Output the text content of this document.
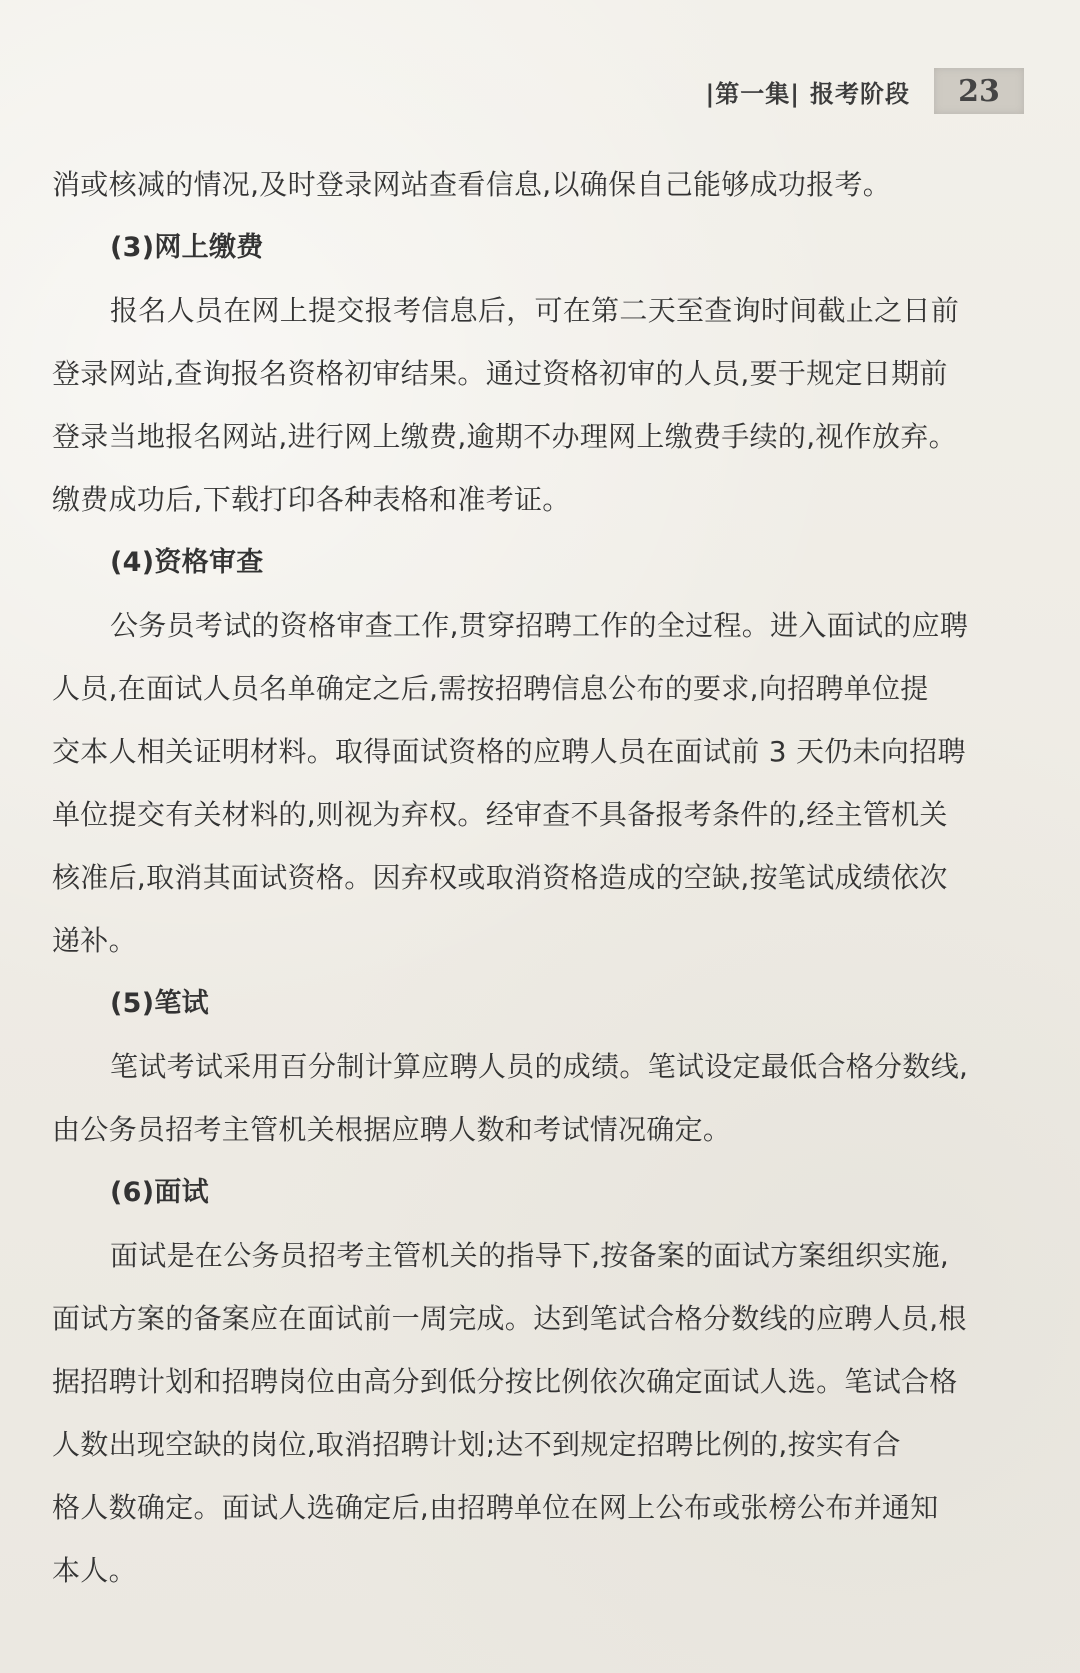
|第一集| 报考阶段	23
消或核减的情况,及时登录网站查看信息,以确保自己能够成功报考。
(3)网上缴费
报名人员在网上提交报考信息后，可在第二天至查询时间截止之日前
登录网站,查询报名资格初审结果。通过资格初审的人员,要于规定日期前
登录当地报名网站,进行网上缴费,逾期不办理网上缴费手续的,视作放弃。
缴费成功后,下载打印各种表格和准考证。
(4)资格审查
公务员考试的资格审查工作,贯穿招聘工作的全过程。进入面试的应聘
人员,在面试人员名单确定之后,需按招聘信息公布的要求,向招聘单位提
交本人相关证明材料。取得面试资格的应聘人员在面试前 3 天仍未向招聘
单位提交有关材料的,则视为弃权。经审查不具备报考条件的,经主管机关
核准后,取消其面试资格。因弃权或取消资格造成的空缺,按笔试成绩依次
递补。
(5)笔试
笔试考试采用百分制计算应聘人员的成绩。笔试设定最低合格分数线,
由公务员招考主管机关根据应聘人数和考试情况确定。
(6)面试
面试是在公务员招考主管机关的指导下,按备案的面试方案组织实施,
面试方案的备案应在面试前一周完成。达到笔试合格分数线的应聘人员,根
据招聘计划和招聘岗位由高分到低分按比例依次确定面试人选。笔试合格
人数出现空缺的岗位,取消招聘计划;达不到规定招聘比例的,按实有合
格人数确定。面试人选确定后,由招聘单位在网上公布或张榜公布并通知
本人。
